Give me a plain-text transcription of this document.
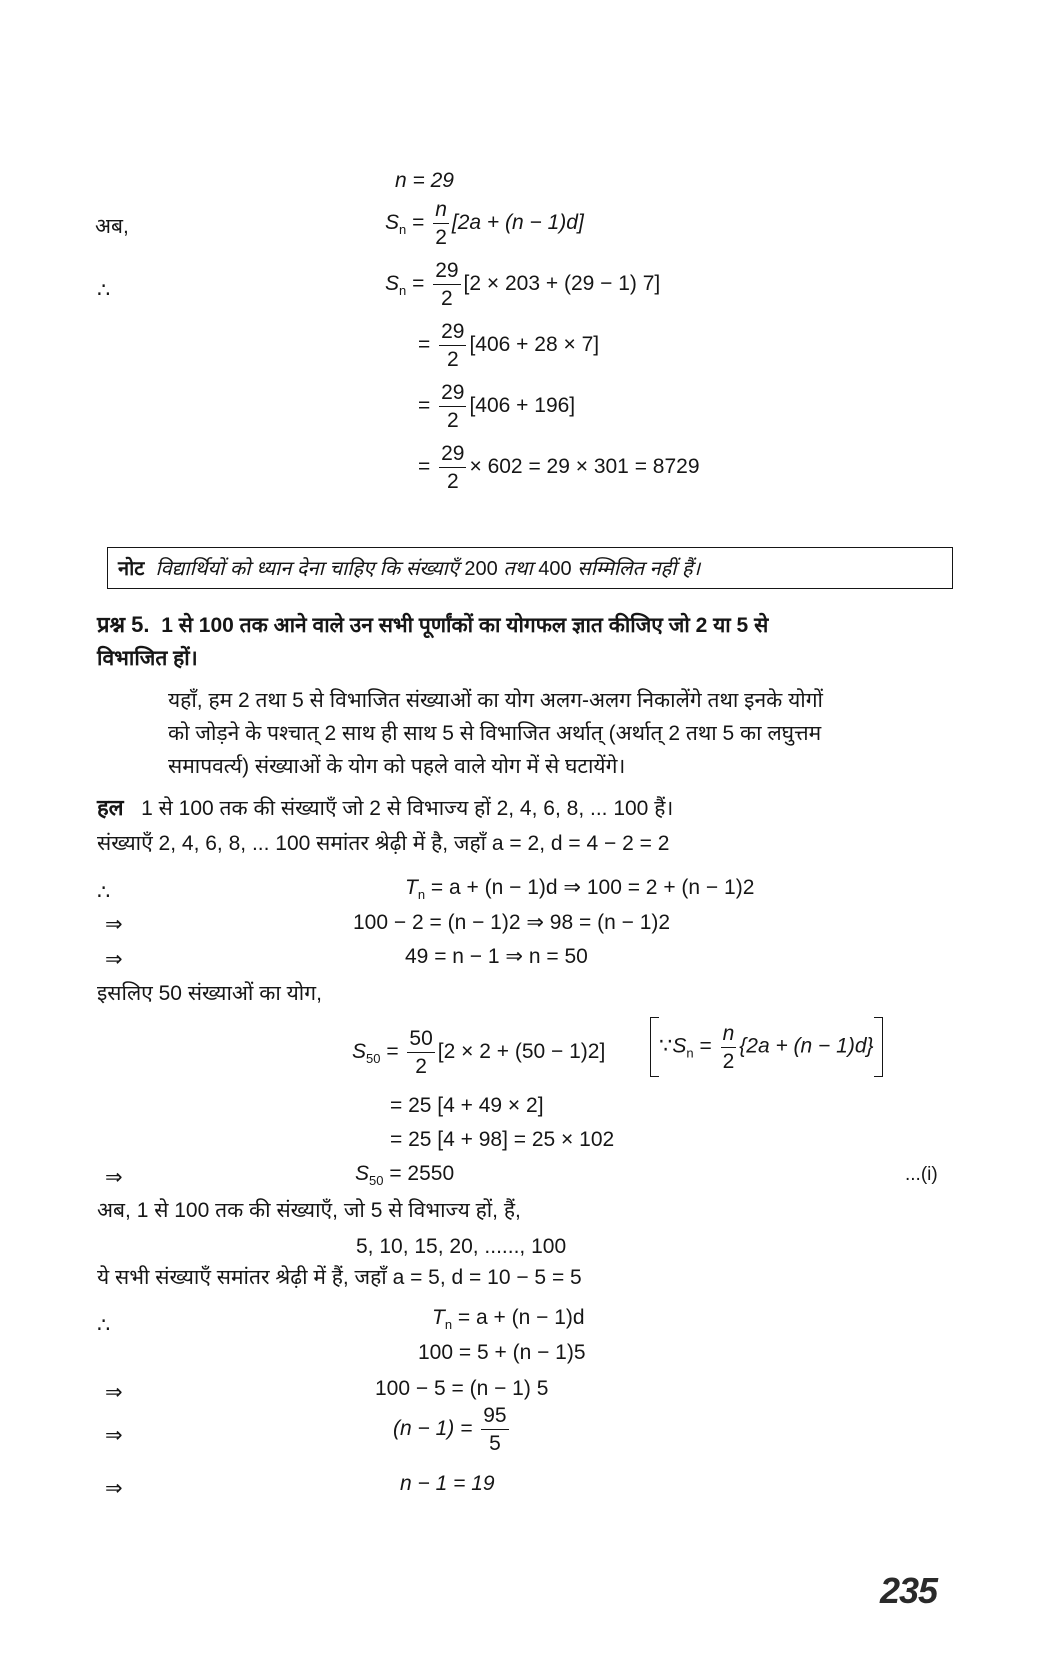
n = 29
अब,	$S_n = \frac{n}{2} [2a + (n - 1)d]$
∴	$S_n = \frac{29}{2} [2 \times 203 + (29 - 1)$ 7]
= $\frac{29}{2} [406 + 28 \times 7]$
= $\frac{29}{2} [406 + 196]$
= $\frac{29}{2} \times 602 = 29 \times 301 = 8729$
नोट विद्यार्थियों को ध्यान देना चाहिए कि संख्याएँ 200 तथा 400 सम्मिलित नहीं हैं।
प्रश्न 5. 1 से 100 तक आने वाले उन सभी पूर्णांकों का योगफल ज्ञात कीजिए जो 2 या 5 से
विभाजित हों।
यहाँ, हम 2 तथा 5 से विभाजित संख्याओं का योग अलग-अलग निकालेंगे तथा इनके योगों
को जोड़ने के पश्चात् 2 साथ ही साथ 5 से विभाजित अर्थात् (अर्थात् 2 तथा 5 का लघुत्तम
समापवर्त्य) संख्याओं के योग को पहले वाले योग में से घटायेंगे।
हल 1 से 100 तक की संख्याएँ जो 2 से विभाज्य हों 2, 4, 6, 8, ... 100 हैं।
संख्याएँ 2, 4, 6, 8, ... 100 समांतर श्रेढ़ी में है, जहाँ a = 2, d = 4 − 2 = 2
∴	$T_n = a + (n - 1)d$ ⇒ 100 = 2 + (n − 1)2
⇒	100 − 2 = (n − 1)2 ⇒ 98 = (n − 1)2
⇒	49 = n − 1 ⇒ n = 50
इसलिए 50 संख्याओं का योग,
$S_{50} = \frac{50}{2} [2 \times 2 + (50 - 1)2]$	$\because S_n = \frac{n}{2} \{2a + (n - 1)d\}$
= 25 [4 + 49 × 2]
= 25 [4 + 98] = 25 × 102
⇒	$S_{50} = 2550$	...(i)
अब, 1 से 100 तक की संख्याएँ, जो 5 से विभाज्य हों, हैं,
5, 10, 15, 20, ......, 100
ये सभी संख्याएँ समांतर श्रेढ़ी में हैं, जहाँ a = 5, d = 10 − 5 = 5
∴	$T_n = a + (n - 1)d$
100 = 5 + (n − 1)5
⇒	100 − 5 = (n − 1) 5
⇒	$(n - 1) = \frac{95}{5}$
⇒	n − 1 = 19
235
